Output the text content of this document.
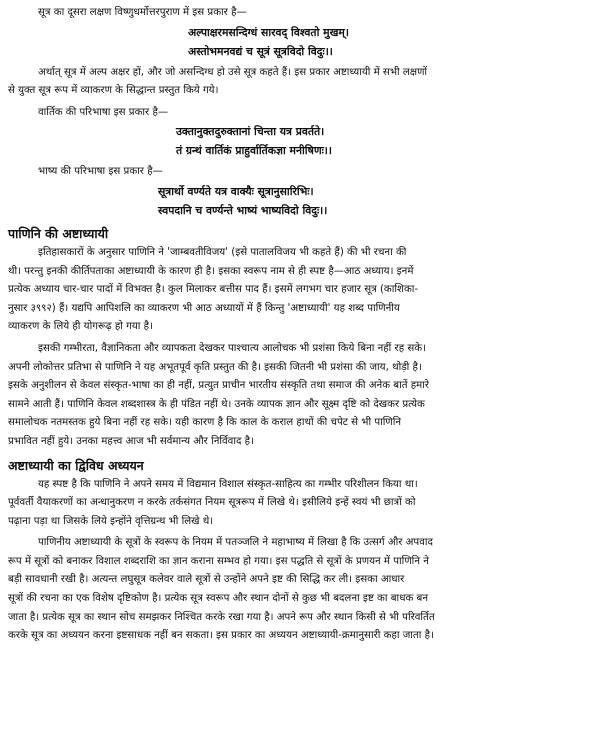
सूत्र का दूसरा लक्षण विष्णुधर्मोत्तरपुराण में इस प्रकार है—
अल्पाक्षरमसन्दिग्धं सारवद् विश्वतो मुखम्।
अस्तोभमनवद्यं च सूत्रं सूत्रविदो विदुः।।
अर्थात् सूत्र में अल्प अक्षर हों, और जो असन्दिग्ध हो उसे सूत्र कहते हैं। इस प्रकार अष्टाध्यायी में सभी लक्षणों
से युक्त सूत्र रूप में व्याकरण के सिद्धान्त प्रस्तुत किये गये।
वार्तिक की परिभाषा इस प्रकार है—
उक्तानुक्तदुरुक्तानां चिन्ता यत्र प्रवर्तते।
तं ग्रन्थं वार्तिकं प्राहुर्वार्तिकज्ञा मनीषिणः।।
भाष्य की परिभाषा इस प्रकार है—
सूत्रार्थो वर्ण्यते यत्र वाक्यैः सूत्रानुसारिभिः।
स्वपदानि च वर्ण्यन्ते भाष्यं भाष्यविदो विदुः।।
पाणिनि की अष्टाध्यायी
इतिहासकारों के अनुसार पाणिनि ने 'जाम्बवतीविजय' (इसे पातालविजय भी कहते हैं) की भी रचना की
थी। परन्तु इनकी कीर्तिपताका अष्टाध्यायी के कारण ही है। इसका स्वरूप नाम से ही स्पष्ट है—आठ अध्याय। इनमें
प्रत्येक अध्याय चार-चार पादों में विभक्त है। कुल मिलाकर बत्तीस पाद हैं। इसमें लगभग चार हजार सूत्र (काशिका-
नुसार ३९९२) हैं। यद्यपि आपिशलि का व्याकरण भी आठ अध्यायों में हैं किन्तु 'अष्टाध्यायी' यह शब्द पाणिनीय
व्याकरण के लिये ही योगरूढ़ हो गया है।
इसकी गम्भीरता, वैज्ञानिकता और व्यापकता देखकर पाश्चात्य आलोचक भी प्रशंसा किये बिना नहीं रह सके।
अपनी लोकोत्तर प्रतिभा से पाणिनि ने यह अभूतपूर्व कृति प्रस्तुत की है। इसकी जितनी भी प्रशंसा की जाय, थोड़ी है।
इसके अनुशीलन से केवल संस्कृत-भाषा का ही नहीं, प्रत्युत प्राचीन भारतीय संस्कृति तथा समाज की अनेक बातें हमारे
सामने आती हैं। पाणिनि केवल शब्दशास्त्र के ही पंडित नहीं थे। उनके व्यापक ज्ञान और सूक्ष्म दृष्टि को देखकर प्रत्येक
समालोचक नतमस्तक हुये बिना नहीं रह सके। यही कारण है कि काल के कराल हाथों की चपेट से भी पाणिनि
प्रभावित नहीं हुये। उनका महत्त्व आज भी सर्वमान्य और निर्विवाद है।
अष्टाध्यायी का द्विविध अध्ययन
यह स्पष्ट है कि पाणिनि ने अपने समय में विद्यमान विशाल संस्कृत-साहित्य का गम्भीर परिशीलन किया था।
पूर्ववर्ती वैयाकरणों का अन्धानुकरण न करके तर्कसंगत नियम सूत्ररूप में लिखे थे। इसीलिये इन्हें स्वयं भी छात्रों को
पढ़ाना पड़ा था जिसके लिये इन्होंने वृत्तिग्रन्थ भी लिखे थे।
पाणिनीय अष्टाध्यायी के सूत्रों के स्वरूप के नियम में पतञ्जलि ने महाभाष्य में लिखा है कि उत्सर्ग और अपवाद
रूप में सूत्रों को बनाकर विशाल शब्दराशि का ज्ञान कराना सम्भव हो गया। इस पद्धति से सूत्रों के प्रणयन में पाणिनि ने
बड़ी सावधानी रखी है। अत्यन्त लघुसूत्र कलेवर वाले सूत्रों से उन्होंने अपने इष्ट की सिद्धि कर ली। इसका आधार
सूत्रों की रचना का एक विशेष दृष्टिकोण है। प्रत्येक सूत्र स्वरूप और स्थान दोनों से कुछ भी बदलना इष्ट का बाधक बन
जाता है। प्रत्येक सूत्र का स्थान सोच समझकर निश्चित करके रखा गया है। अपने रूप और स्थान किसी से भी परिवर्तित
करके सूत्र का अध्ययन करना इष्टसाधक नहीं बन सकता। इस प्रकार का अध्ययन अष्टाध्यायी-क्रमानुसारी कहा जाता है।
